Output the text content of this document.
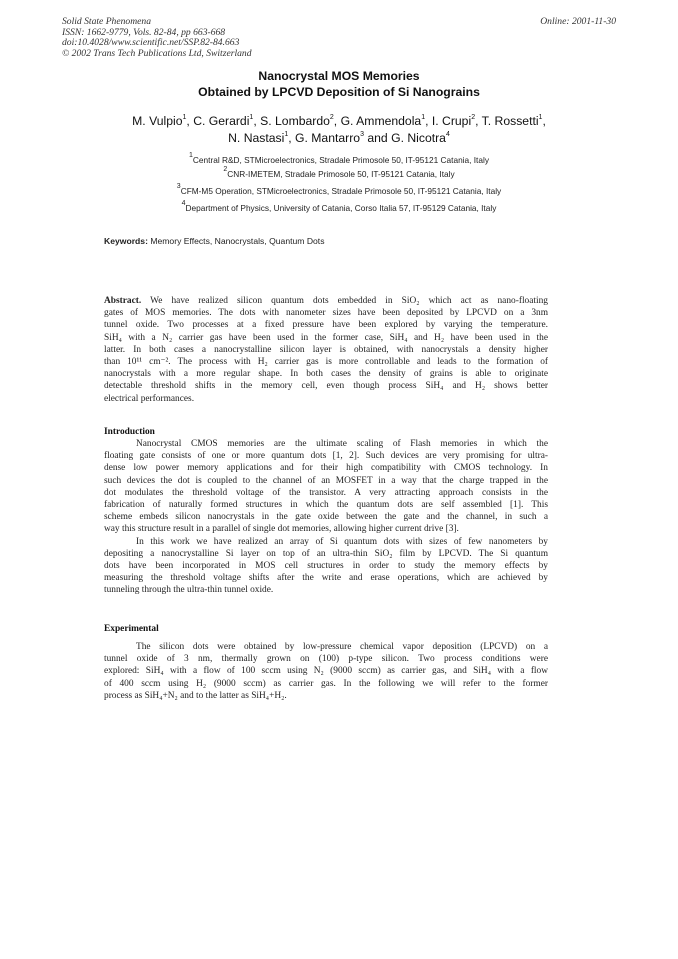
Solid State Phenomena
ISSN: 1662-9779, Vols. 82-84, pp 663-668
doi:10.4028/www.scientific.net/SSP.82-84.663
© 2002 Trans Tech Publications Ltd, Switzerland
Online: 2001-11-30
Nanocrystal MOS Memories
Obtained by LPCVD Deposition of Si Nanograins
M. Vulpio$^1$, C. Gerardi$^1$, S. Lombardo$^2$, G. Ammendola$^1$, I. Crupi$^2$, T. Rossetti$^1$,
N. Nastasi$^1$, G. Mantarro$^3$ and G. Nicotra$^4$
$^1$Central R&D, STMicroelectronics, Stradale Primosole 50, IT-95121 Catania, Italy
$^2$CNR-IMETEM, Stradale Primosole 50, IT-95121 Catania, Italy
$^3$CFM-M5 Operation, STMicroelectronics, Stradale Primosole 50, IT-95121 Catania, Italy
$^4$Department of Physics, University of Catania, Corso Italia 57, IT-95129 Catania, Italy
Keywords: Memory Effects, Nanocrystals, Quantum Dots
Abstract. We have realized silicon quantum dots embedded in SiO₂ which act as nano-floating
gates of MOS memories. The dots with nanometer sizes have been deposited by LPCVD on a 3nm
tunnel oxide. Two processes at a fixed pressure have been explored by varying the temperature.
SiH₄ with a N₂ carrier gas have been used in the former case, SiH₄ and H₂ have been used in the
latter. In both cases a nanocrystalline silicon layer is obtained, with nanocrystals a density higher
than 10¹¹ cm⁻². The process with H₂ carrier gas is more controllable and leads to the formation of
nanocrystals with a more regular shape. In both cases the density of grains is able to originate
detectable threshold shifts in the memory cell, even though process SiH₄ and H₂ shows better
electrical performances.
Introduction
Nanocrystal CMOS memories are the ultimate scaling of Flash memories in which the
floating gate consists of one or more quantum dots [1, 2]. Such devices are very promising for ultra-
dense low power memory applications and for their high compatibility with CMOS technology. In
such devices the dot is coupled to the channel of an MOSFET in a way that the charge trapped in the
dot modulates the threshold voltage of the transistor. A very attracting approach consists in the
fabrication of naturally formed structures in which the quantum dots are self assembled [1]. This
scheme embeds silicon nanocrystals in the gate oxide between the gate and the channel, in such a
way this structure result in a parallel of single dot memories, allowing higher current drive [3].
In this work we have realized an array of Si quantum dots with sizes of few nanometers by
depositing a nanocrystalline Si layer on top of an ultra-thin SiO₂ film by LPCVD. The Si quantum
dots have been incorporated in MOS cell structures in order to study the memory effects by
measuring the threshold voltage shifts after the write and erase operations, which are achieved by
tunneling through the ultra-thin tunnel oxide.
Experimental
The silicon dots were obtained by low-pressure chemical vapor deposition (LPCVD) on a
tunnel oxide of 3 nm, thermally grown on (100) p-type silicon. Two process conditions were
explored: SiH₄ with a flow of 100 sccm using N₂ (9000 sccm) as carrier gas, and SiH₄ with a flow
of 400 sccm using H₂ (9000 sccm) as carrier gas. In the following we will refer to the former
process as SiH₄+N₂ and to the latter as SiH₄+H₂.
